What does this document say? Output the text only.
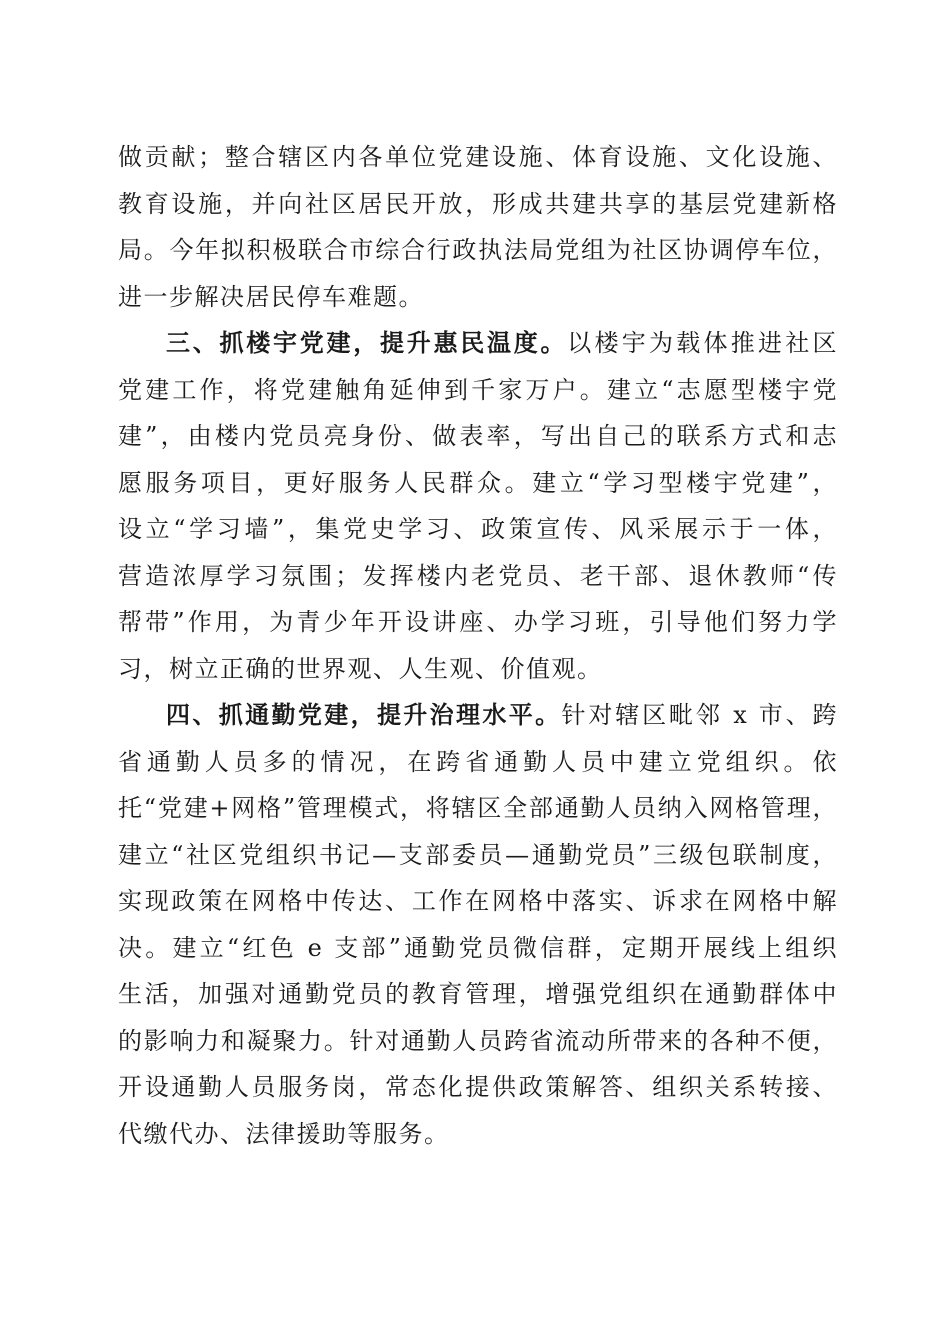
做贡献；整合辖区内各单位党建设施、体育设施、文化设施、
教育设施，并向社区居民开放，形成共建共享的基层党建新格
局。今年拟积极联合市综合行政执法局党组为社区协调停车位，
进一步解决居民停车难题。
三、抓楼宇党建，提升惠民温度。以楼宇为载体推进社区
党建工作，将党建触角延伸到千家万户。建立“志愿型楼宇党
建”，由楼内党员亮身份、做表率，写出自己的联系方式和志
愿服务项目，更好服务人民群众。建立“学习型楼宇党建”，
设立“学习墙”，集党史学习、政策宣传、风采展示于一体，
营造浓厚学习氛围；发挥楼内老党员、老干部、退休教师“传
帮带”作用，为青少年开设讲座、办学习班，引导他们努力学
习，树立正确的世界观、人生观、价值观。
四、抓通勤党建，提升治理水平。针对辖区毗邻 x 市、跨
省通勤人员多的情况，在跨省通勤人员中建立党组织。依
托“党建+网格”管理模式，将辖区全部通勤人员纳入网格管理，
建立“社区党组织书记—支部委员—通勤党员”三级包联制度，
实现政策在网格中传达、工作在网格中落实、诉求在网格中解
决。建立“红色 e 支部”通勤党员微信群，定期开展线上组织
生活，加强对通勤党员的教育管理，增强党组织在通勤群体中
的影响力和凝聚力。针对通勤人员跨省流动所带来的各种不便，
开设通勤人员服务岗，常态化提供政策解答、组织关系转接、
代缴代办、法律援助等服务。
